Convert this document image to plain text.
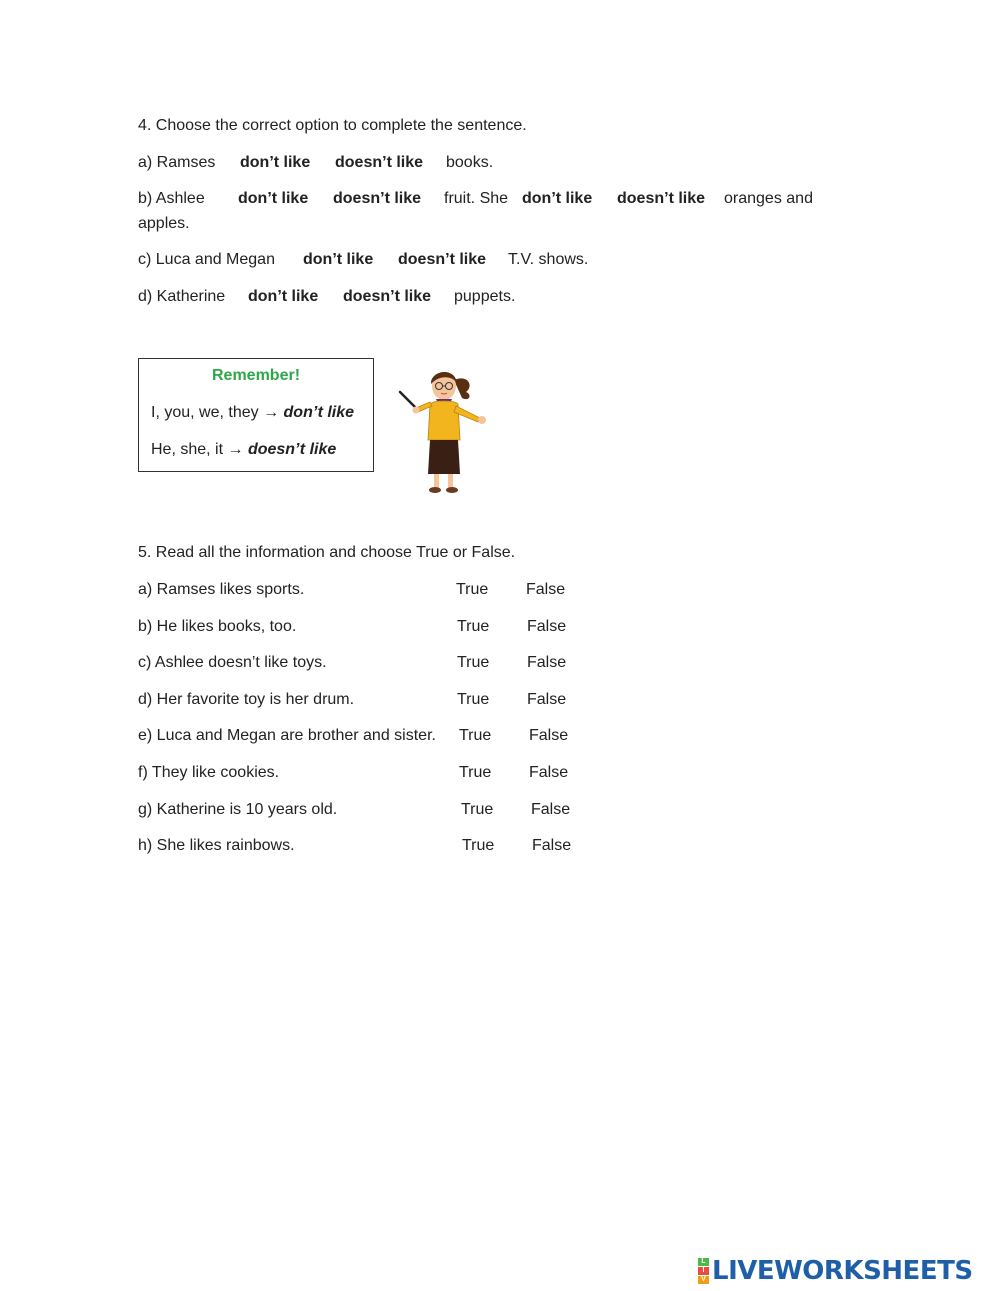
4. Choose the correct option to complete the sentence.
a) Ramses don’t like doesn’t like books.
b) Ashlee don’t like doesn’t like fruit. She don’t like doesn’t like oranges and
apples.
c) Luca and Megan don’t like doesn’t like T.V. shows.
d) Katherine don’t like doesn’t like puppets.
Remember!
I, you, we, they → don’t like
He, she, it → doesn’t like
5. Read all the information and choose True or False.
a) Ramses likes sports.	True False
b) He likes books, too.	True False
c) Ashlee doesn’t like toys.	True False
d) Her favorite toy is her drum.	True False
e) Luca and Megan are brother and sister. True False
f) They like cookies.	True False
g) Katherine is 10 years old.	True False
h) She likes rainbows.	True False
L
I
V LIVEWORKSHEETS
